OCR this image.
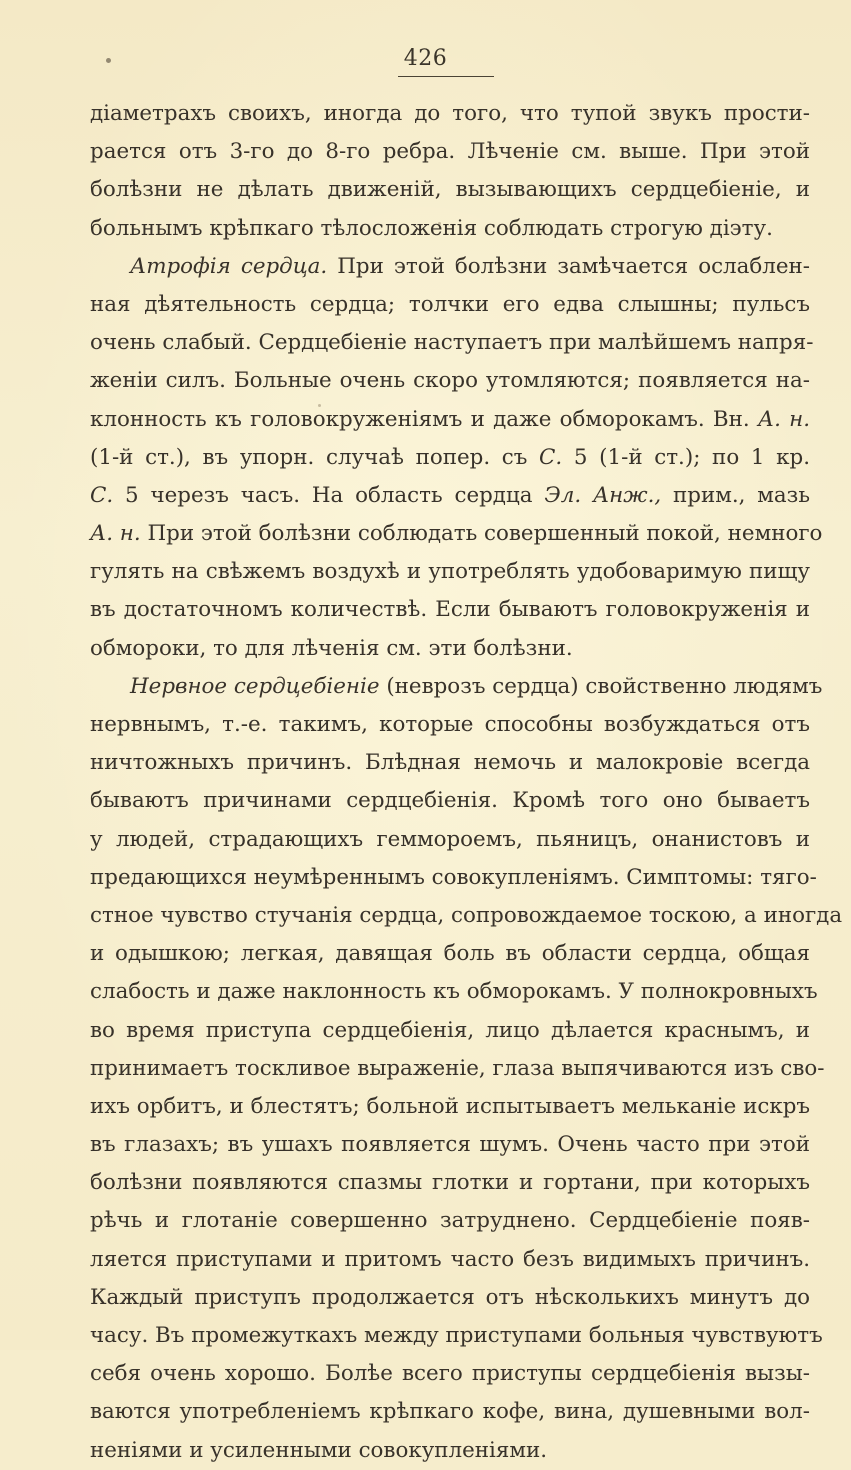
426
діаметрахъ своихъ, иногда до того, что тупой звукъ прости-
рается отъ 3-го до 8-го ребра. Лѣченіе см. выше. При этой
болѣзни не дѣлать движеній, вызывающихъ сердцебіеніе, и
больнымъ крѣпкаго тѣлосложенія соблюдать строгую діэту.
Атрофія сердца. При этой болѣзни замѣчается ослаблен-
ная дѣятельность сердца; толчки его едва слышны; пульсъ
очень слабый. Сердцебіеніе наступаетъ при малѣйшемъ напря-
женіи силъ. Больные очень скоро утомляются; появляется на-
клонность къ головокруженіямъ и даже обморокамъ. Вн. А. н.
(1-й ст.), въ упорн. случаѣ попер. съ С. 5 (1-й ст.); по 1 кр.
С. 5 черезъ часъ. На область сердца Эл. Анж., прим., мазь
А. н. При этой болѣзни соблюдать совершенный покой, немного
гулять на свѣжемъ воздухѣ и употреблять удобоваримую пищу
въ достаточномъ количествѣ. Если бываютъ головокруженія и
обмороки, то для лѣченія см. эти болѣзни.
Нервное сердцебіеніе (неврозъ сердца) свойственно людямъ
нервнымъ, т.-е. такимъ, которые способны возбуждаться отъ
ничтожныхъ причинъ. Блѣдная немочь и малокровіе всегда
бываютъ причинами сердцебіенія. Кромѣ того оно бываетъ
у людей, страдающихъ геммороемъ, пьяницъ, онанистовъ и
предающихся неумѣреннымъ совокупленіямъ. Симптомы: тяго-
стное чувство стучанія сердца, сопровождаемое тоскою, а иногда
и одышкою; легкая, давящая боль въ области сердца, общая
слабость и даже наклонность къ обморокамъ. У полнокровныхъ
во время приступа сердцебіенія, лицо дѣлается краснымъ, и
принимаетъ тоскливое выраженіе, глаза выпячиваются изъ сво-
ихъ орбитъ, и блестятъ; больной испытываетъ мельканіе искръ
въ глазахъ; въ ушахъ появляется шумъ. Очень часто при этой
болѣзни появляются спазмы глотки и гортани, при которыхъ
рѣчь и глотаніе совершенно затруднено. Сердцебіеніе появ-
ляется приступами и притомъ часто безъ видимыхъ причинъ.
Каждый приступъ продолжается отъ нѣсколькихъ минутъ до
часу. Въ промежуткахъ между приступами больныя чувствуютъ
себя очень хорошо. Болѣе всего приступы сердцебіенія вызы-
ваются употребленіемъ крѣпкаго кофе, вина, душевными вол-
неніями и усиленными совокупленіями.
